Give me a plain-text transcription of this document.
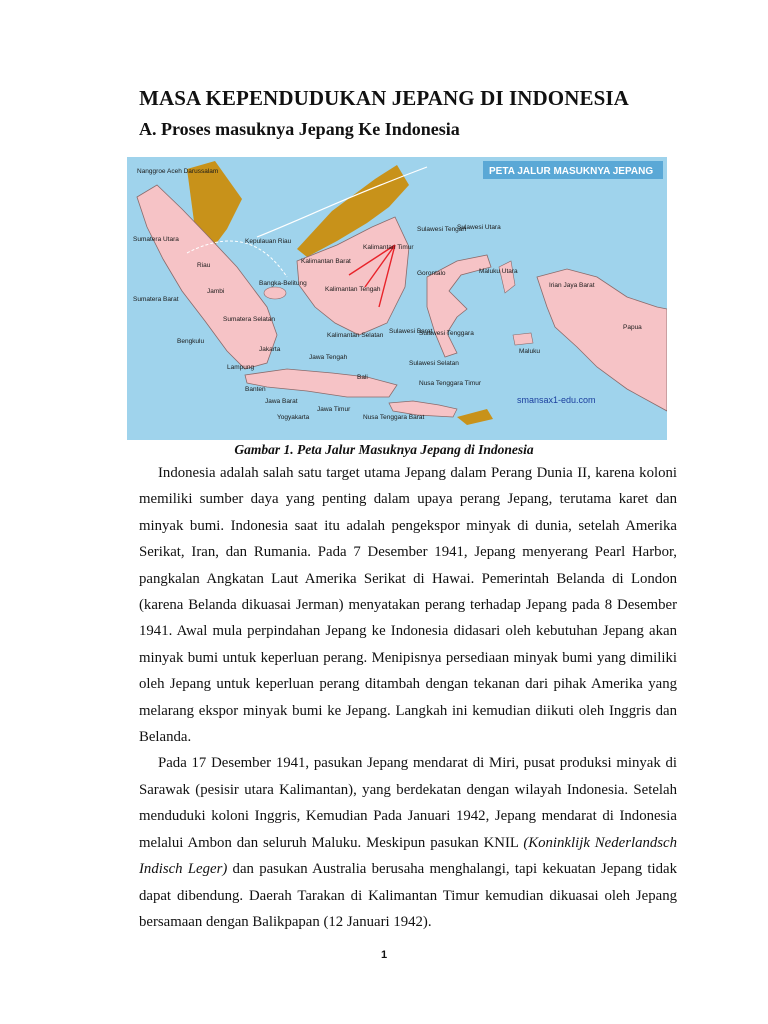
MASA KEPENDUDUKAN JEPANG DI INDONESIA
A. Proses masuknya Jepang Ke Indonesia
PETA JALUR MASUKNYA JEPANG
smansax1-edu.com
Nanggroe Aceh Darussalam
Sumatera Utara
Riau
Kepulauan Riau
Sumatera Barat
Jambi
Sumatera Selatan
Bangka-Belitung
Bengkulu
Lampung
Banten
Jakarta
Jawa Barat
Jawa Tengah
Yogyakarta
Jawa Timur
Bali
Nusa Tenggara Barat
Nusa Tenggara Timur
Kalimantan Barat
Kalimantan Tengah
Kalimantan Selatan
Kalimantan Timur
Sulawesi Utara
Sulawesi Tengah
Gorontalo
Sulawesi Barat
Sulawesi Selatan
Sulawesi Tenggara
Maluku Utara
Maluku
Irian Jaya Barat
Papua
Gambar 1. Peta Jalur Masuknya Jepang di Indonesia

Indonesia adalah salah satu target utama Jepang dalam Perang Dunia II, karena koloni memiliki sumber daya yang penting dalam upaya perang Jepang, terutama karet dan minyak bumi. Indonesia saat itu adalah pengekspor minyak di dunia, setelah Amerika Serikat, Iran, dan Rumania. Pada 7 Desember 1941, Jepang menyerang Pearl Harbor, pangkalan Angkatan Laut Amerika Serikat di Hawai. Pemerintah Belanda di London (karena Belanda dikuasai Jerman) menyatakan perang terhadap Jepang pada 8 Desember 1941. Awal mula perpindahan Jepang ke Indonesia didasari oleh kebutuhan Jepang akan minyak bumi untuk keperluan perang. Menipisnya persediaan minyak bumi yang dimiliki oleh Jepang untuk keperluan perang ditambah dengan tekanan dari pihak Amerika yang melarang ekspor minyak bumi ke Jepang. Langkah ini kemudian diikuti oleh Inggris dan Belanda.

Pada 17 Desember 1941, pasukan Jepang mendarat di Miri, pusat produksi minyak di Sarawak (pesisir utara Kalimantan), yang berdekatan dengan wilayah Indonesia. Setelah menduduki koloni Inggris, Kemudian Pada Januari 1942, Jepang mendarat di Indonesia melalui Ambon dan seluruh Maluku. Meskipun pasukan KNIL (Koninklijk Nederlandsch Indisch Leger) dan pasukan Australia berusaha menghalangi, tapi kekuatan Jepang tidak dapat dibendung. Daerah Tarakan di Kalimantan Timur kemudian dikuasai oleh Jepang bersamaan dengan Balikpapan (12 Januari 1942).

1
